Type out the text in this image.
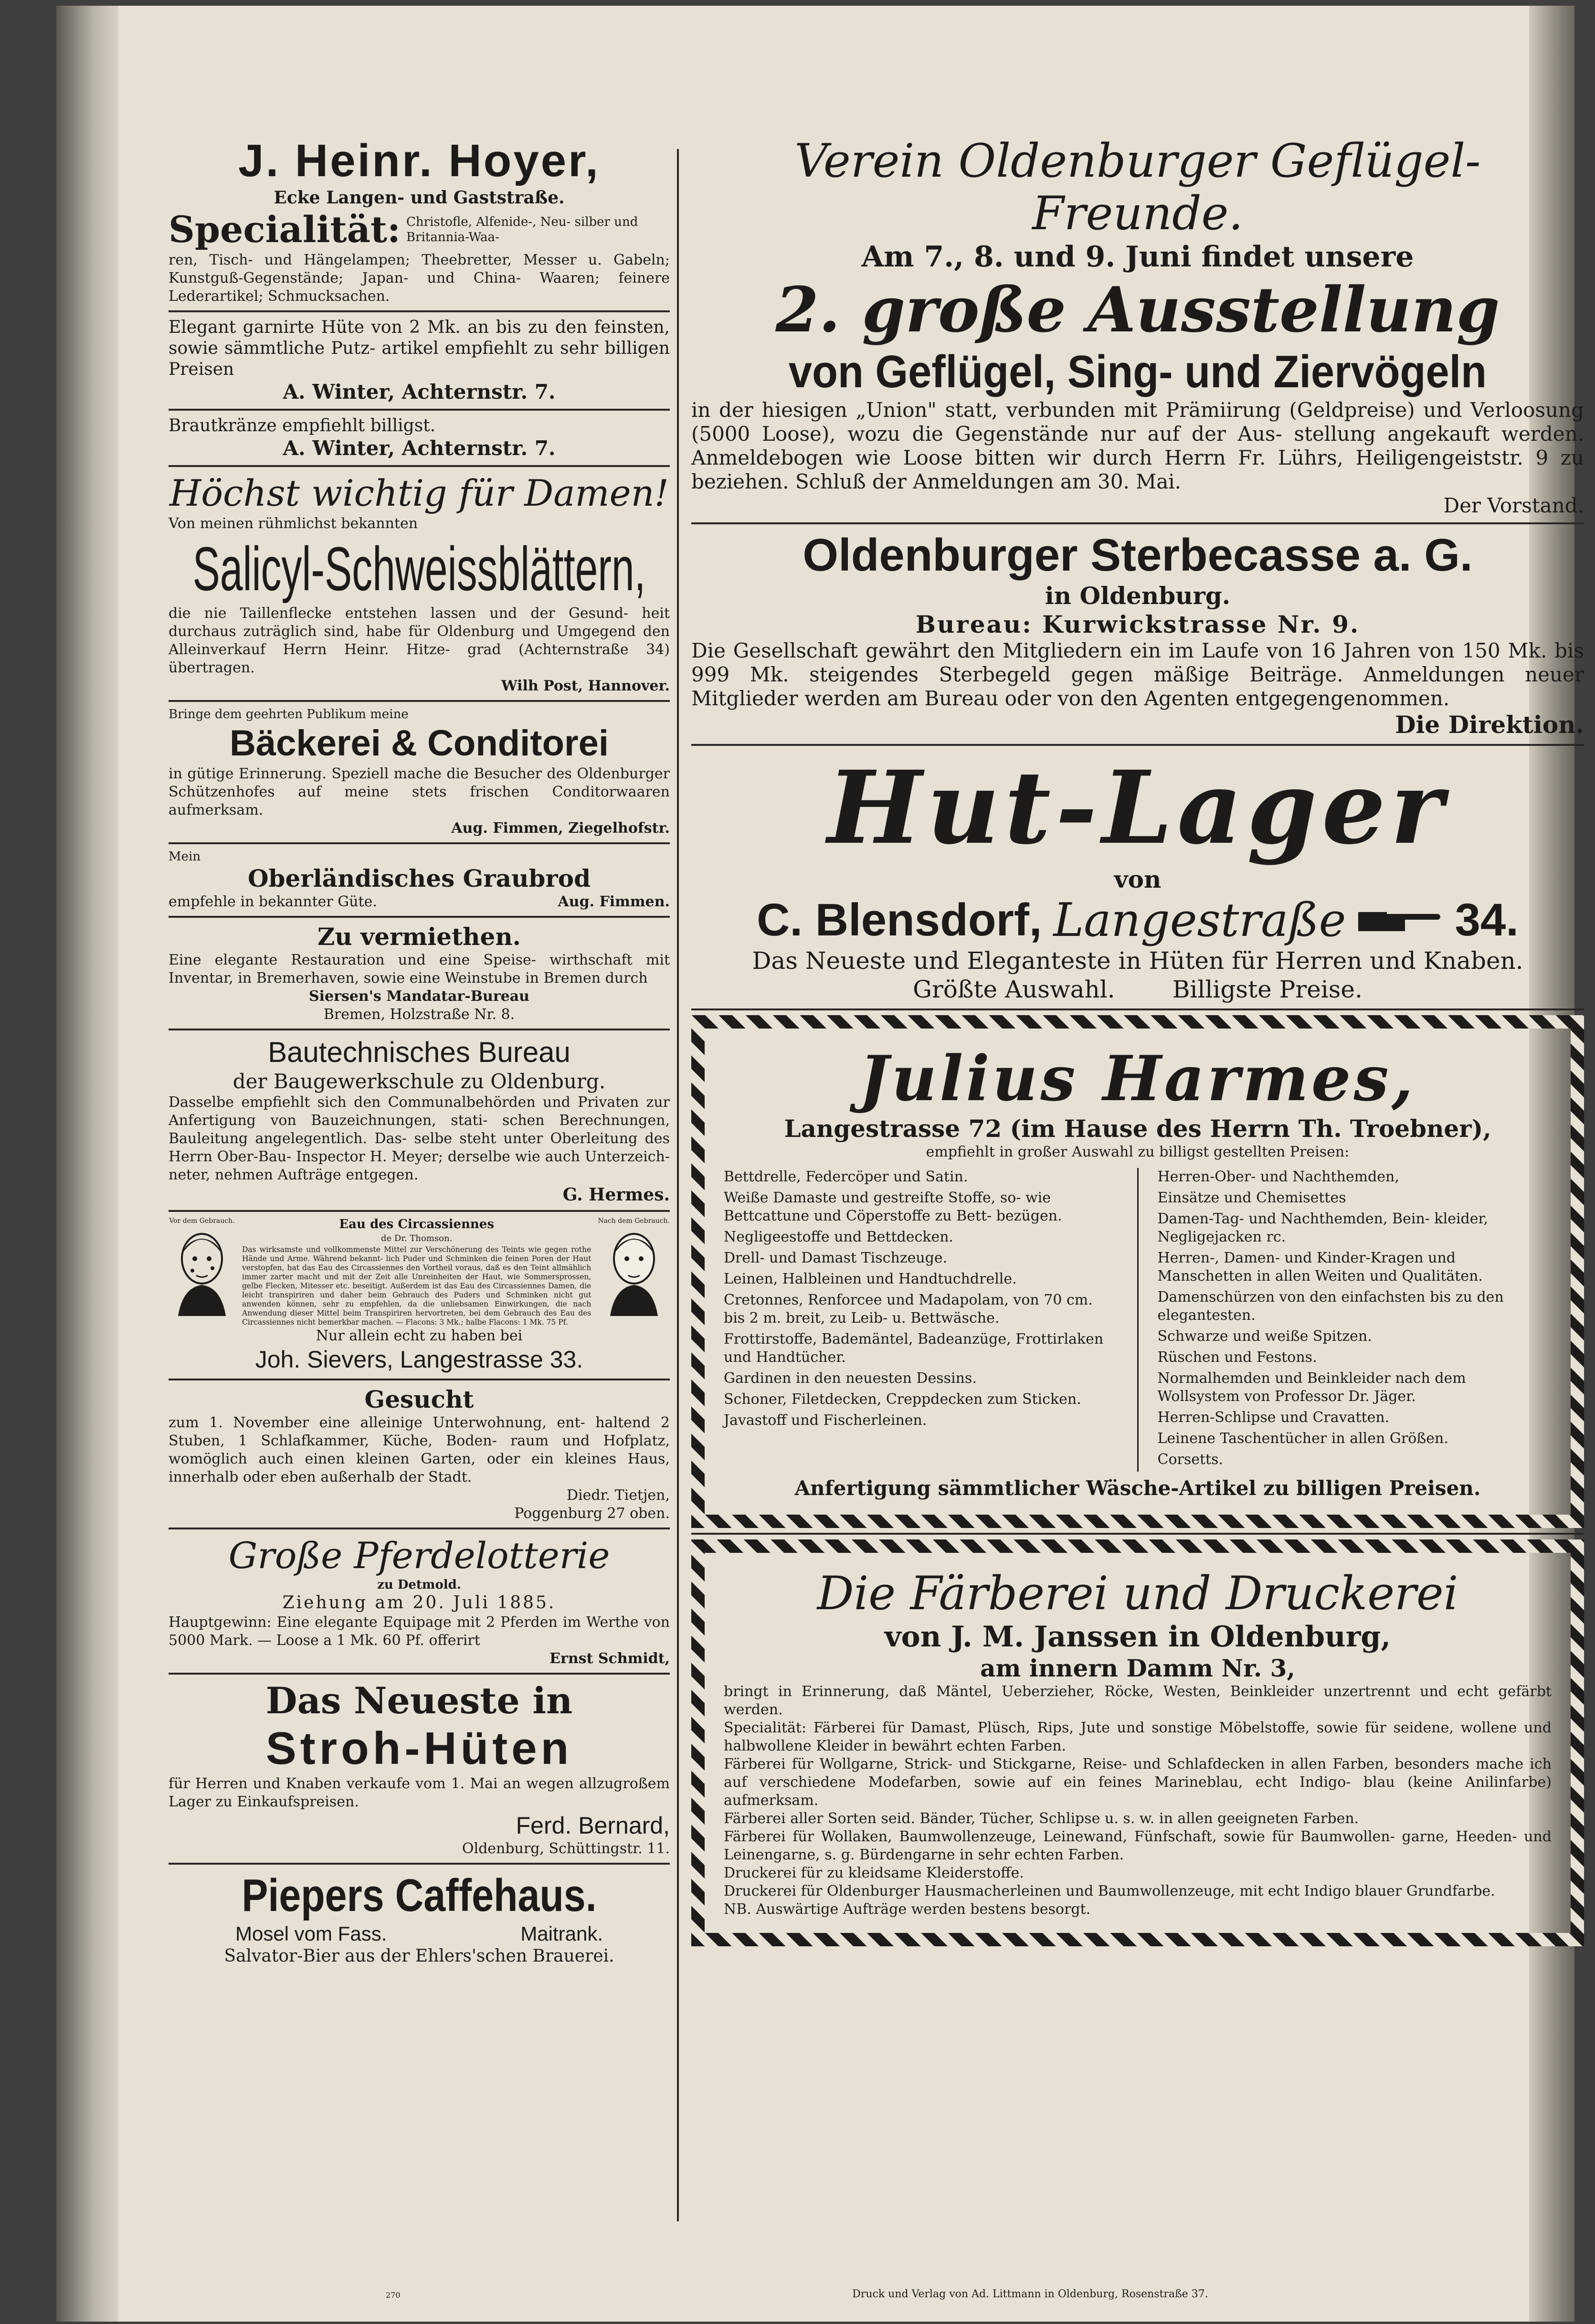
J. Heinr. Hoyer,

Ecke Langen- und Gaststraße.

Specialität: Christofle, Alfenide-, Neu- silber und Britannia-Waa-

ren, Tisch- und Hängelampen; Theebretter, Messer u. Gabeln; Kunstguß-Gegenstände; Japan- und China- Waaren; feinere Lederartikel; Schmucksachen.

Elegant garnirte Hüte von 2 Mk. an bis zu den feinsten, sowie sämmtliche Putz- artikel empfiehlt zu sehr billigen Preisen

A. Winter, Achternstr. 7.

Brautkränze empfiehlt billigst.

A. Winter, Achternstr. 7.

Höchst wichtig für Damen!

Von meinen rühmlichst bekannten

Salicyl-Schweissblättern,

die nie Taillenflecke entstehen lassen und der Gesund- heit durchaus zuträglich sind, habe für Oldenburg und Umgegend den Alleinverkauf Herrn Heinr. Hitze- grad (Achternstraße 34) übertragen.

Wilh Post, Hannover.

Bringe dem geehrten Publikum meine

Bäckerei & Conditorei

in gütige Erinnerung. Speziell mache die Besucher des Oldenburger Schützenhofes auf meine stets frischen Conditorwaaren aufmerksam.

Aug. Fimmen, Ziegelhofstr.

Mein

Oberländisches Graubrod

empfehle in bekannter Güte.	Aug. Fimmen.

Zu vermiethen.

Eine elegante Restauration und eine Speise- wirthschaft mit Inventar, in Bremerhaven, sowie eine Weinstube in Bremen durch

Siersen's Mandatar-Bureau

Bremen, Holzstraße Nr. 8.

Bautechnisches Bureau

der Baugewerkschule zu Oldenburg.

Dasselbe empfiehlt sich den Communalbehörden und Privaten zur Anfertigung von Bauzeichnungen, stati- schen Berechnungen, Bauleitung angelegentlich. Das- selbe steht unter Oberleitung des Herrn Ober-Bau- Inspector H. Meyer; derselbe wie auch Unterzeich- neter, nehmen Aufträge entgegen.

G. Hermes.

Vor dem Gebrauch.	Eau des Circassiennes

de Dr. Thomson.

Das wirksamste und vollkommenste Mittel zur Verschönerung des Teints wie gegen rothe Hände und Arme. Während bekannt- lich Puder und Schminken die feinen Poren der Haut verstopfen, hat das Eau des Circassiennes den Vortheil voraus, daß es den Teint allmählich immer zarter macht und mit der Zeit alle Unreinheiten der Haut, wie Sommersprossen, gelbe Flecken, Mitesser etc. beseitigt. Außerdem ist das Eau des Circassiennes Damen, die leicht transpiriren und daher beim Gebrauch des Puders und Schminken nicht gut anwenden können, sehr zu empfehlen, da die unliebsamen Einwirkungen, die nach Anwendung dieser Mittel beim Transpiriren hervortreten, bei dem Gebrauch des Eau des Circassiennes nicht bemerkbar machen. — Flacons: 3 Mk.; halbe Flacons: 1 Mk. 75 Pf.

Nach dem Gebrauch.

Nur allein echt zu haben bei

Joh. Sievers, Langestrasse 33.

Gesucht

zum 1. November eine alleinige Unterwohnung, ent- haltend 2 Stuben, 1 Schlafkammer, Küche, Boden- raum und Hofplatz, womöglich auch einen kleinen Garten, oder ein kleines Haus, innerhalb oder eben außerhalb der Stadt.

Diedr. Tietjen,

Poggenburg 27 oben.

Große Pferdelotterie

zu Detmold.

Ziehung am 20. Juli 1885.

Hauptgewinn: Eine elegante Equipage mit 2 Pferden im Werthe von 5000 Mark. — Loose a 1 Mk. 60 Pf. offerirt

Ernst Schmidt,

Das Neueste in

Stroh-Hüten

für Herren und Knaben verkaufe vom 1. Mai an wegen allzugroßem Lager zu Einkaufspreisen.

Ferd. Bernard,

Oldenburg, Schüttingstr. 11.

Piepers Caffehaus.

Mosel vom Fass.	Maitrank.

Salvator-Bier aus der Ehlers'schen Brauerei.

Verein Oldenburger Geflügel-Freunde.

Am 7., 8. und 9. Juni findet unsere

2. große Ausstellung

von Geflügel, Sing- und Ziervögeln

in der hiesigen „Union" statt, verbunden mit Prämiirung (Geldpreise) und Verloosung (5000 Loose), wozu die Gegenstände nur auf der Aus- stellung angekauft werden. Anmeldebogen wie Loose bitten wir durch Herrn Fr. Lührs, Heiligengeiststr. 9 zu beziehen. Schluß der Anmeldungen am 30. Mai.

Der Vorstand.

Oldenburger Sterbecasse a. G.

in Oldenburg.

Bureau: Kurwickstrasse Nr. 9.

Die Gesellschaft gewährt den Mitgliedern ein im Laufe von 16 Jahren von 150 Mk. bis 999 Mk. steigendes Sterbegeld gegen mäßige Beiträge. Anmeldungen neuer Mitglieder werden am Bureau oder von den Agenten entgegengenommen.

Die Direktion.

Hut-Lager

von

C. Blensdorf, Langestraße 34.

Das Neueste und Eleganteste in Hüten für Herren und Knaben.

Größte Auswahl. Billigste Preise.

Julius Harmes,

Langestrasse 72 (im Hause des Herrn Th. Troebner),

empfiehlt in großer Auswahl zu billigst gestellten Preisen:

Bettdrelle, Federcöper und Satin.

Weiße Damaste und gestreifte Stoffe, so- wie Bettcattune und Cöperstoffe zu Bett- bezügen.

Negligeestoffe und Bettdecken.

Drell- und Damast Tischzeuge.

Leinen, Halbleinen und Handtuchdrelle.

Cretonnes, Renforcee und Madapolam, von 70 cm. bis 2 m. breit, zu Leib- u. Bettwäsche.

Frottirstoffe, Bademäntel, Badeanzüge, Frottirlaken und Handtücher.

Gardinen in den neuesten Dessins.

Schoner, Filetdecken, Creppdecken zum Sticken.

Javastoff und Fischerleinen.

Herren-Ober- und Nachthemden,

Einsätze und Chemisettes

Damen-Tag- und Nachthemden, Bein- kleider, Negligejacken rc.

Herren-, Damen- und Kinder-Kragen und Manschetten in allen Weiten und Qualitäten.

Damenschürzen von den einfachsten bis zu den elegantesten.

Schwarze und weiße Spitzen.

Rüschen und Festons.

Normalhemden und Beinkleider nach dem Wollsystem von Professor Dr. Jäger.

Herren-Schlipse und Cravatten.

Leinene Taschentücher in allen Größen.

Corsetts.

Anfertigung sämmtlicher Wäsche-Artikel zu billigen Preisen.

Die Färberei und Druckerei

von J. M. Janssen in Oldenburg,

am innern Damm Nr. 3,

bringt in Erinnerung, daß Mäntel, Ueberzieher, Röcke, Westen, Beinkleider unzertrennt und echt gefärbt werden.

Specialität: Färberei für Damast, Plüsch, Rips, Jute und sonstige Möbelstoffe, sowie für seidene, wollene und halbwollene Kleider in bewährt echten Farben.

Färberei für Wollgarne, Strick- und Stickgarne, Reise- und Schlafdecken in allen Farben, besonders mache ich auf verschiedene Modefarben, sowie auf ein feines Marineblau, echt Indigo- blau (keine Anilinfarbe) aufmerksam.

Färberei aller Sorten seid. Bänder, Tücher, Schlipse u. s. w. in allen geeigneten Farben.

Färberei für Wollaken, Baumwollenzeuge, Leinewand, Fünfschaft, sowie für Baumwollen- garne, Heeden- und Leinengarne, s. g. Bürdengarne in sehr echten Farben.

Druckerei für zu kleidsame Kleiderstoffe.

Druckerei für Oldenburger Hausmacherleinen und Baumwollenzeuge, mit echt Indigo blauer Grundfarbe.

NB. Auswärtige Aufträge werden bestens besorgt.

270	Druck und Verlag von Ad. Littmann in Oldenburg, Rosenstraße 37.
